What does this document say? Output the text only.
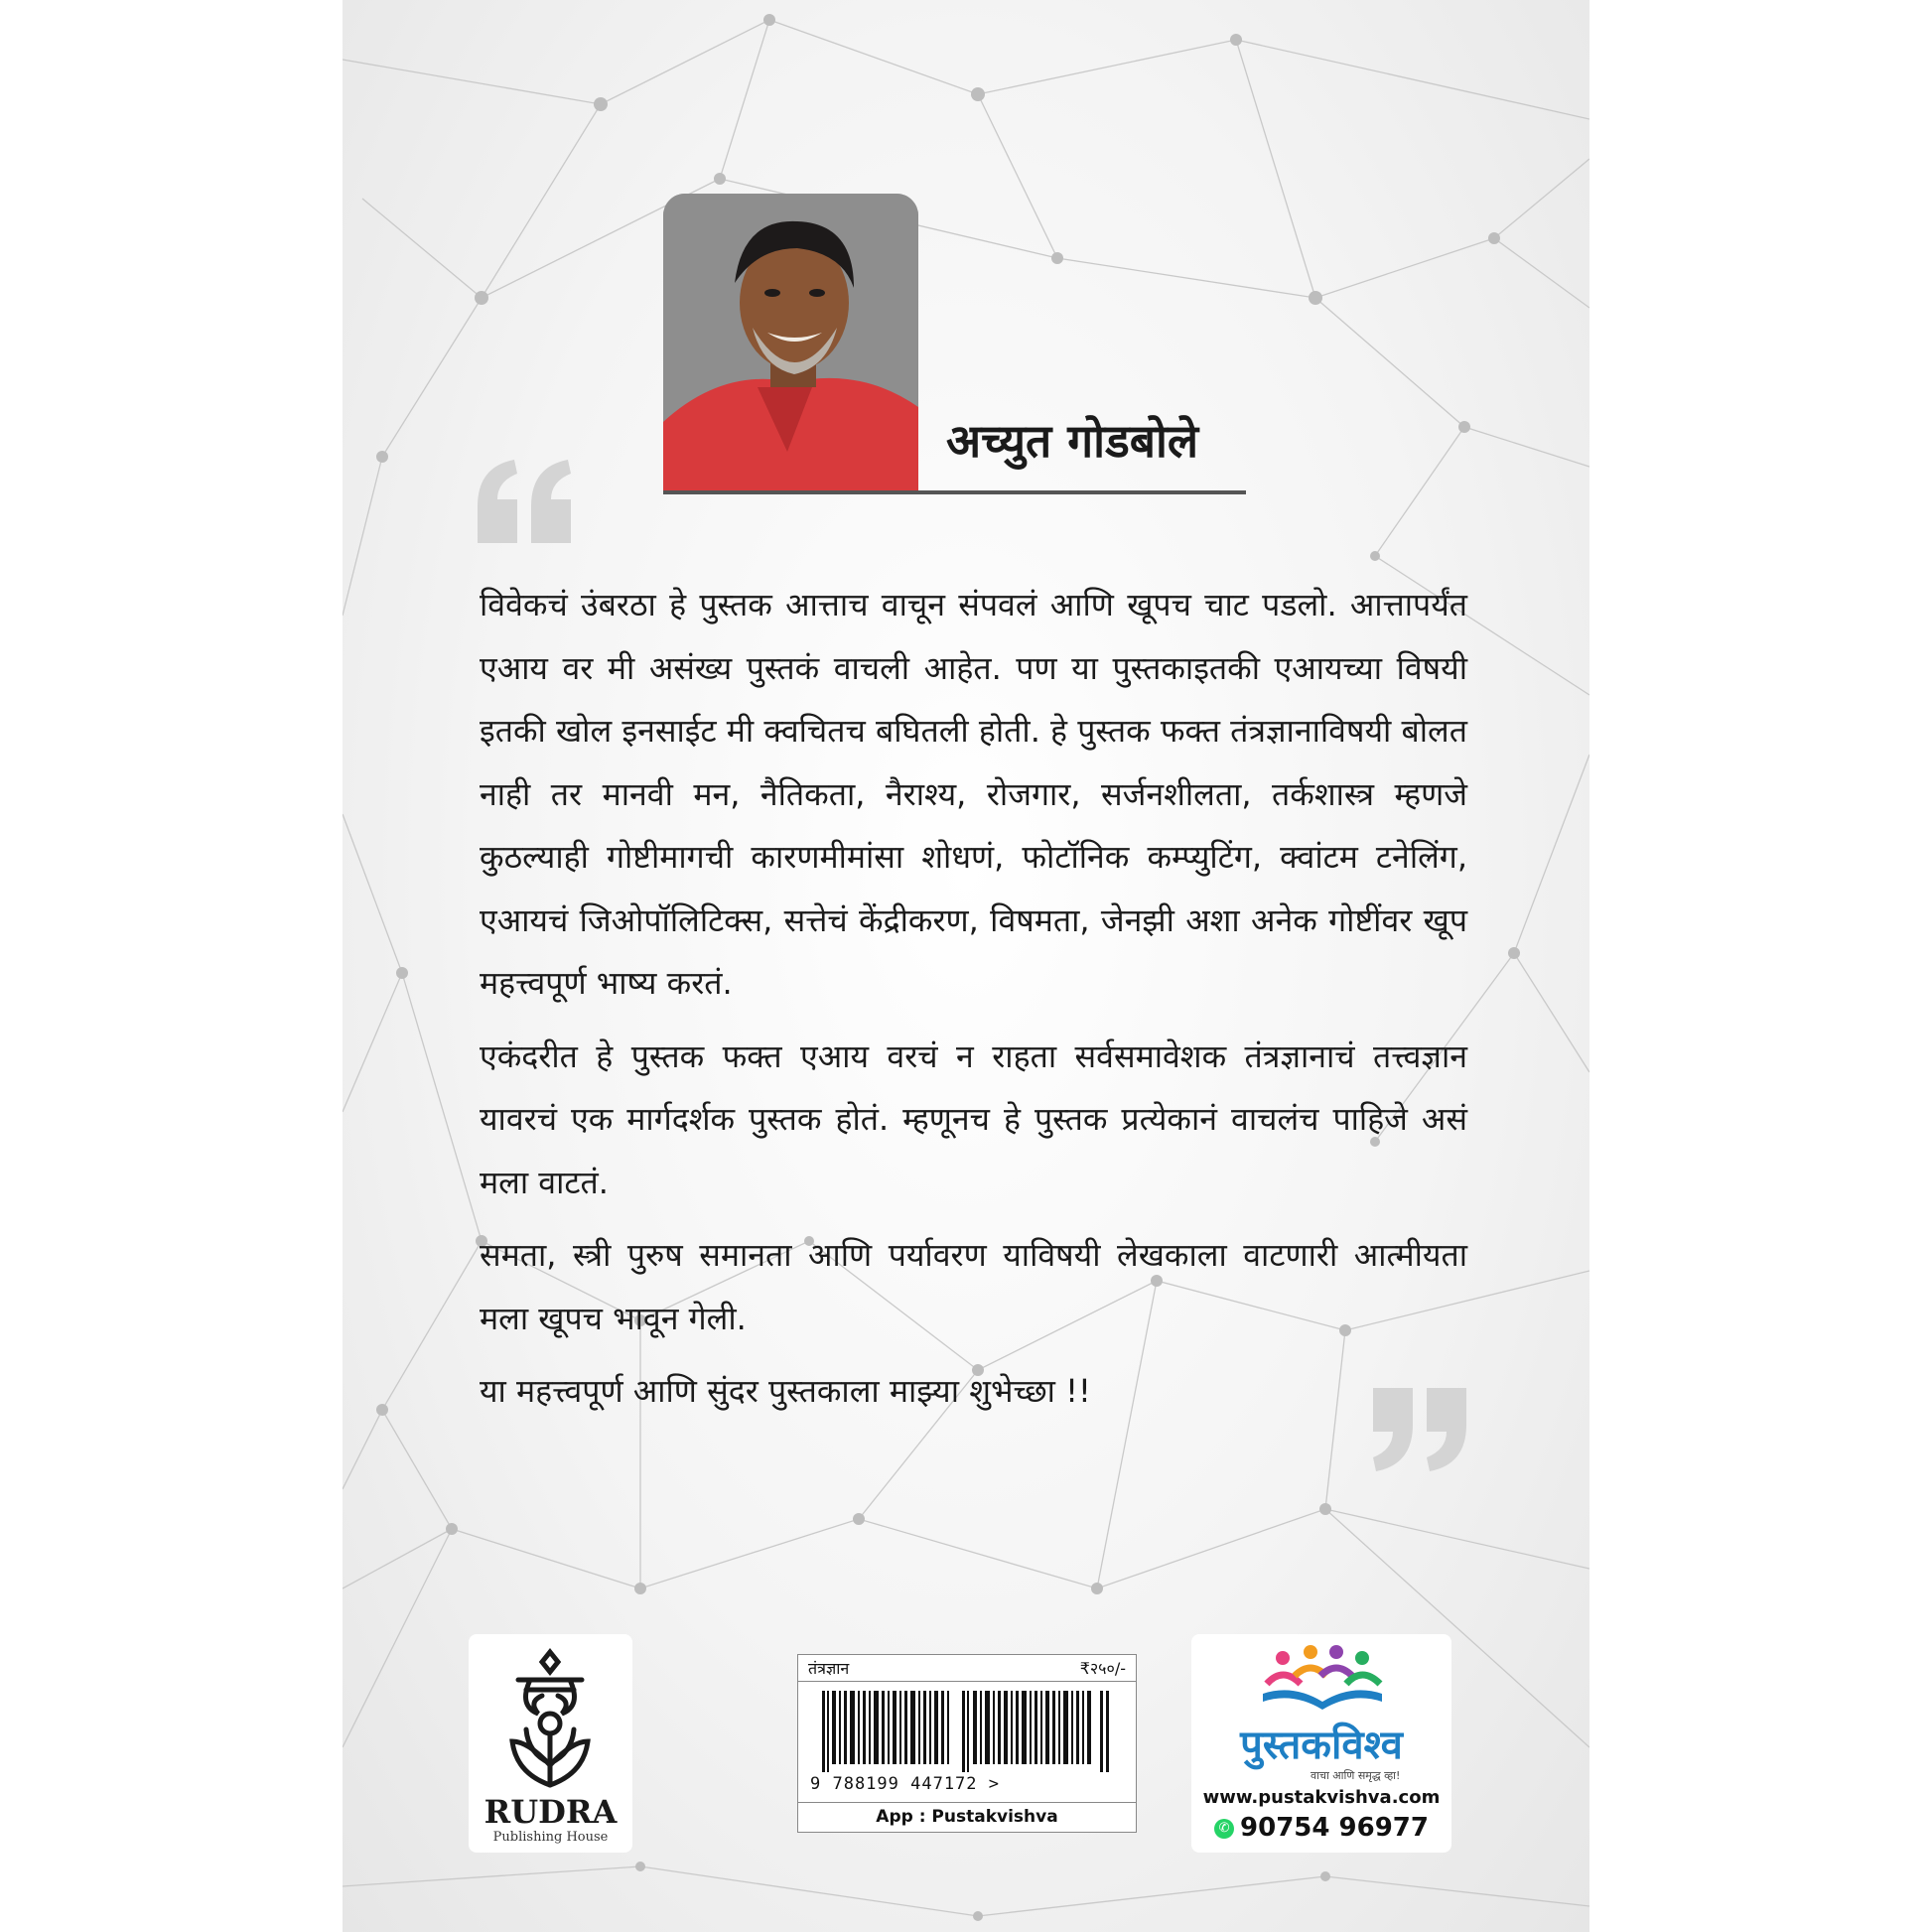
अच्युत गोडबोले

विवेकचं उंबरठा हे पुस्तक आत्ताच वाचून संपवलं आणि खूपच चाट पडलो. आत्तापर्यंत एआय वर मी असंख्य पुस्तकं वाचली आहेत. पण या पुस्तकाइतकी एआयच्या विषयी इतकी खोल इनसाईट मी क्वचितच बघितली होती. हे पुस्तक फक्त तंत्रज्ञानाविषयी बोलत नाही तर मानवी मन, नैतिकता, नैराश्य, रोजगार, सर्जनशीलता, तर्कशास्त्र म्हणजे कुठल्याही गोष्टीमागची कारणमीमांसा शोधणं, फोटॉनिक कम्प्युटिंग, क्वांटम टनेलिंग, एआयचं जिओपॉलिटिक्स, सत्तेचं केंद्रीकरण, विषमता, जेनझी अशा अनेक गोष्टींवर खूप महत्त्वपूर्ण भाष्य करतं.

एकंदरीत हे पुस्तक फक्त एआय वरचं न राहता सर्वसमावेशक तंत्रज्ञानाचं तत्त्वज्ञान यावरचं एक मार्गदर्शक पुस्तक होतं. म्हणूनच हे पुस्तक प्रत्येकानं वाचलंच पाहिजे असं मला वाटतं.

समता, स्त्री पुरुष समानता आणि पर्यावरण याविषयी लेखकाला वाटणारी आत्मीयता मला खूपच भावून गेली.

या महत्त्वपूर्ण आणि सुंदर पुस्तकाला माझ्या शुभेच्छा !!

RUDRA
Publishing House
तंत्रज्ञान	₹२५०/-
9 788199 447172 >
App : Pustakvishva
पुस्तकविश्व
वाचा आणि समृद्ध व्हा!
www.pustakvishva.com
✆ 90754 96977
